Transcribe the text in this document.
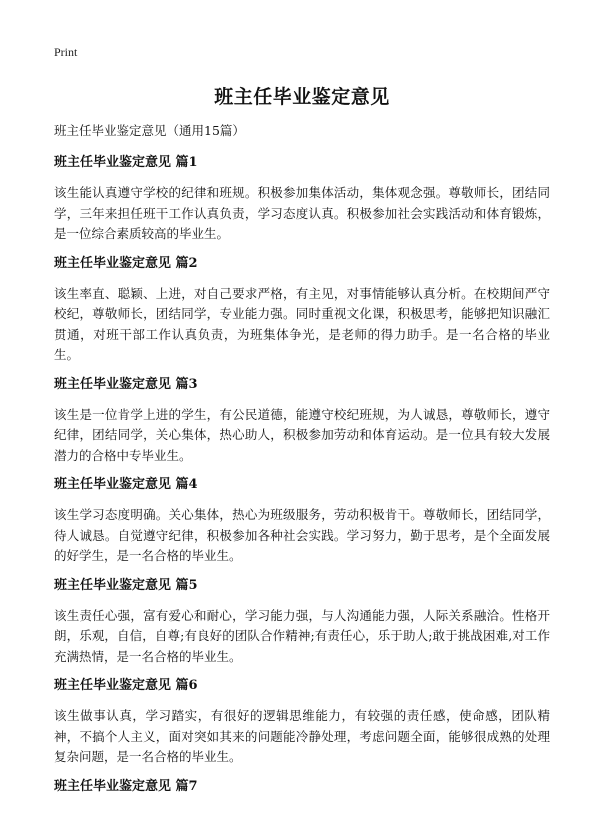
Print
班主任毕业鉴定意见
班主任毕业鉴定意见（通用15篇）
班主任毕业鉴定意见 篇1

该生能认真遵守学校的纪律和班规。积极参加集体活动，集体观念强。尊敬师长，团结同学，三年来担任班干工作认真负责，学习态度认真。积极参加社会实践活动和体育锻炼，是一位综合素质较高的毕业生。

班主任毕业鉴定意见 篇2

该生率直、聪颖、上进，对自己要求严格，有主见，对事情能够认真分析。在校期间严守校纪，尊敬师长，团结同学，专业能力强。同时重视文化课，积极思考，能够把知识融汇贯通，对班干部工作认真负责，为班集体争光，是老师的得力助手。是一名合格的毕业生。

班主任毕业鉴定意见 篇3

该生是一位肯学上进的学生，有公民道德，能遵守校纪班规，为人诚恳，尊敬师长，遵守纪律，团结同学，关心集体，热心助人，积极参加劳动和体育运动。是一位具有较大发展潜力的合格中专毕业生。

班主任毕业鉴定意见 篇4

该生学习态度明确。关心集体，热心为班级服务，劳动积极肯干。尊敬师长，团结同学，待人诚恳。自觉遵守纪律，积极参加各种社会实践。学习努力，勤于思考，是个全面发展的好学生，是一名合格的毕业生。

班主任毕业鉴定意见 篇5

该生责任心强，富有爱心和耐心，学习能力强，与人沟通能力强，人际关系融洽。性格开朗，乐观，自信，自尊;有良好的团队合作精神;有责任心，乐于助人;敢于挑战困难,对工作充满热情，是一名合格的毕业生。

班主任毕业鉴定意见 篇6

该生做事认真，学习踏实，有很好的逻辑思维能力，有较强的责任感，使命感，团队精神，不搞个人主义，面对突如其来的问题能冷静处理，考虑问题全面，能够很成熟的处理复杂问题，是一名合格的毕业生。

班主任毕业鉴定意见 篇7
